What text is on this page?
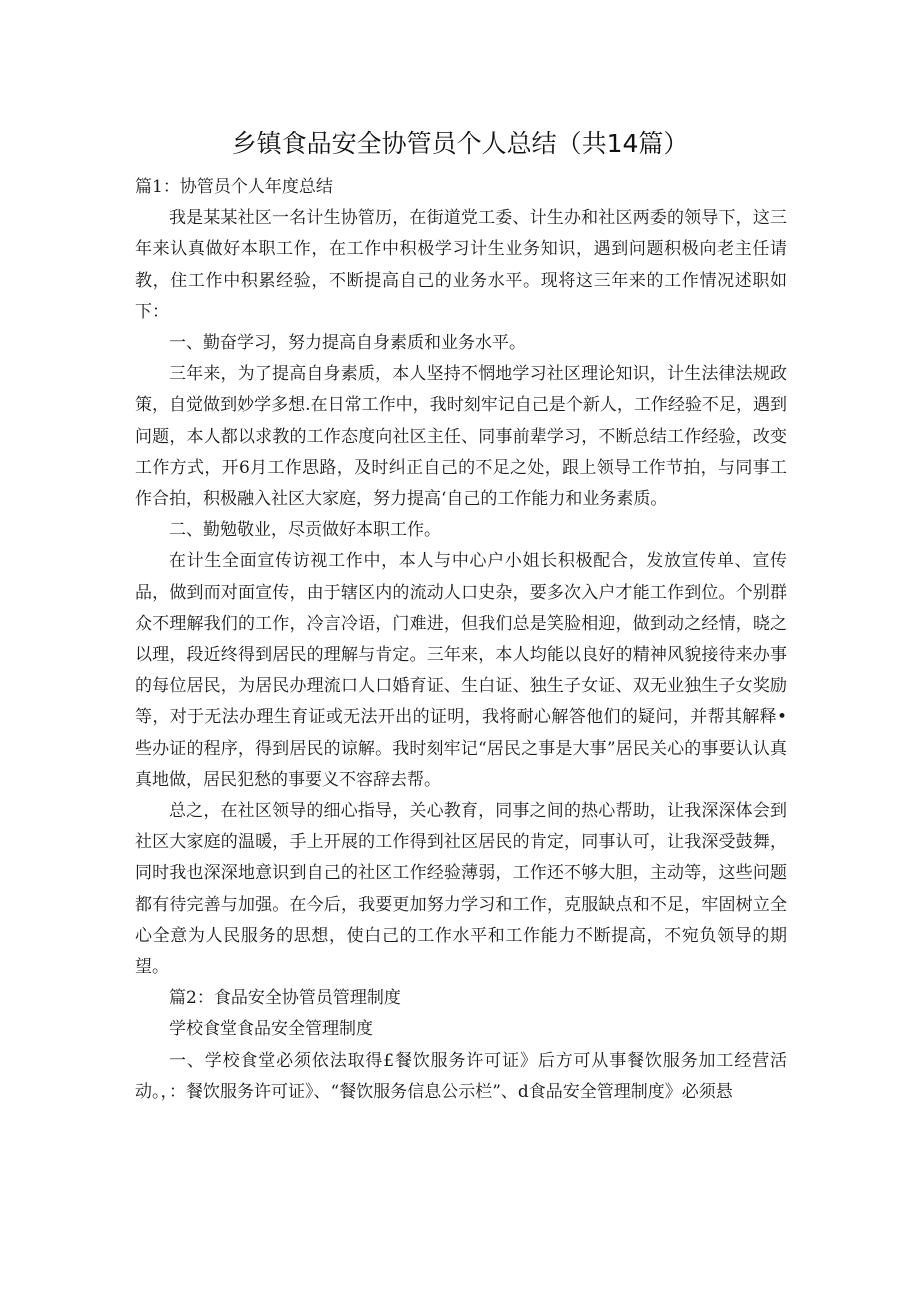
乡镇食品安全协管员个人总结（共14篇）

篇1：协管员个人年度总结

我是某某社区一名计生协管历，在街道党工委、计生办和社区两委的领导下，这三年来认真做好本职工作，在工作中积极学习计生业务知识，遇到问题积极向老主任请教，住工作中积累经验，不断提高自己的业务水平。现将这三年来的工作情况述职如下：

一、勤奋学习，努力提高自身素质和业务水平。

三年来，为了提高自身素质，本人坚持不惘地学习社区理论知识，计生法律法规政策，自觉做到妙学多想.在日常工作中，我时刻牢记自己是个新人，工作经验不足，遇到问题，本人都以求教的工作态度向社区主任、同事前辈学习，不断总结工作经验，改变工作方式，开6月工作思路，及时纠正自己的不足之处，跟上领导工作节拍，与同事工作合拍，积极融入社区大家庭，努力提高‘自己的工作能力和业务素质。

二、勤勉敬业，尽贡做好本职工作。

在计生全面宣传访视工作中，本人与中心户小姐长积极配合，发放宣传单、宣传品，做到而对面宣传，由于辖区内的流动人口史杂，要多次入户才能工作到位。个别群众不理解我们的工作，冷言冷语，门难进，但我们总是笑脸相迎，做到动之经情，晓之以理，段近终得到居民的理解与肯定。三年来，本人均能以良好的精神风貌接待来办事的每位居民，为居民办理流口人口婚育证、生白证、独生子女证、双无业独生子女奖励等，对于无法办理生育证或无法开出的证明，我将耐心解答他们的疑问，并帮其解释•些办证的程序，得到居民的谅解。我时刻牢记“居民之事是大事”居民关心的事要认认真真地做，居民犯愁的事要义不容辞去帮。

总之，在社区领导的细心指导，关心教育，同事之间的热心帮助，让我深深体会到社区大家庭的温暖，手上开展的工作得到社区居民的肯定，同事认可，让我深受鼓舞，同时我也深深地意识到自己的社区工作经验薄弱，工作还不够大胆，主动等，这些问题都有待完善与加强。在今后，我要更加努力学习和工作，克服缺点和不足，牢固树立全心全意为人民服务的思想，使白己的工作水平和工作能力不断提高，不宛负领导的期望。

篇2：食品安全协管员管理制度

学校食堂食品安全管理制度

一、学校食堂必须依法取得£餐饮服务许可证》后方可从事餐饮服务加工经营活动。，：餐饮服务许可证》、“餐饮服务信息公示栏”、d食品安全管理制度》必须悬
